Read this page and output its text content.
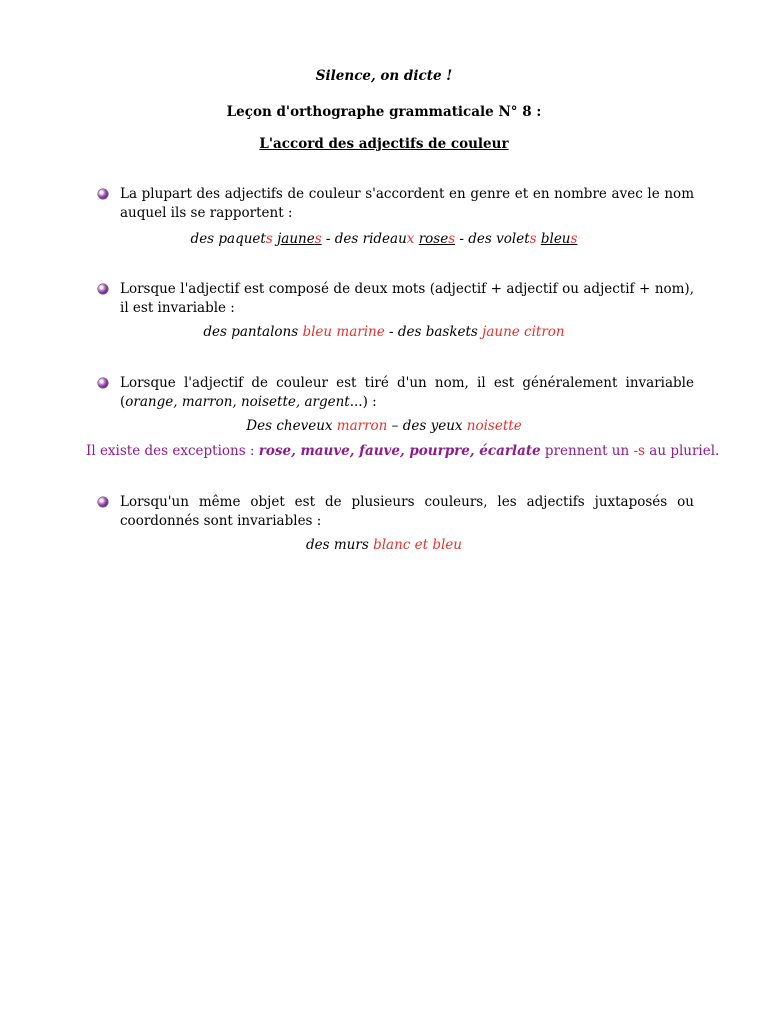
Silence, on dicte !
Leçon d'orthographe grammaticale N° 8 :
L'accord des adjectifs de couleur
La plupart des adjectifs de couleur s'accordent en genre et en nombre avec le nom auquel ils se rapportent :
des paquets jaunes - des rideaux roses - des volets bleus
Lorsque l'adjectif est composé de deux mots (adjectif + adjectif ou adjectif + nom), il est invariable :
des pantalons bleu marine - des baskets jaune citron
Lorsque l'adjectif de couleur est tiré d'un nom, il est généralement invariable (orange, marron, noisette, argent...) :
Des cheveux marron – des yeux noisette
Il existe des exceptions : rose, mauve, fauve, pourpre, écarlate prennent un -s au pluriel.
Lorsqu'un même objet est de plusieurs couleurs, les adjectifs juxtaposés ou coordonnés sont invariables :
des murs blanc et bleu
